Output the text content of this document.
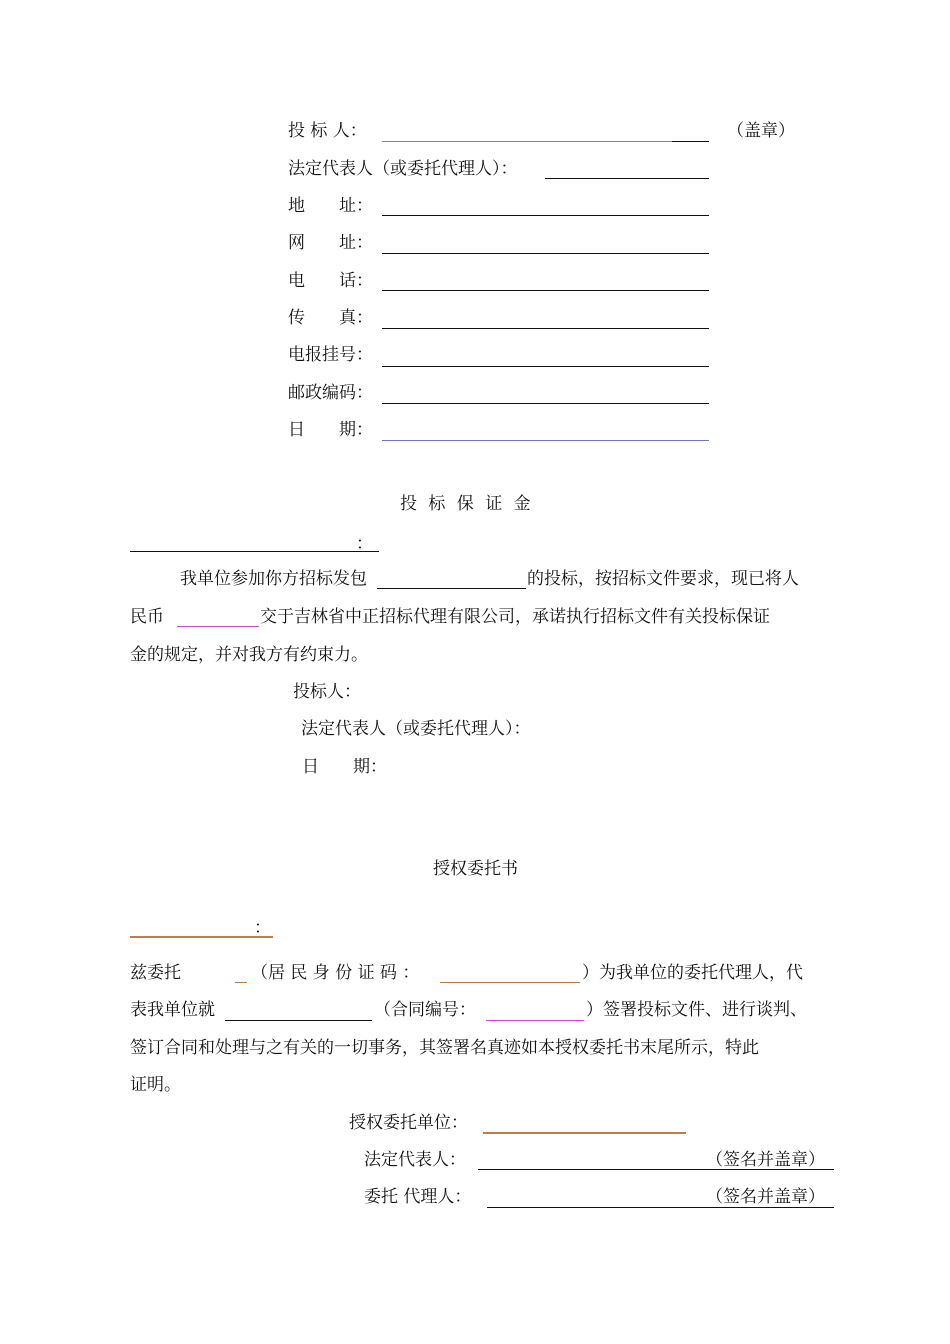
投 标 人：	（盖章）
法定代表人（或委托代理人）：
地　　址：
网　　址：
电　　话：
传　　真：
电报挂号：
邮政编码：
日　　期：
投 标 保 证 金
：
我单位参加你方招标发包	的投标，按招标文件要求，现已将人
民币	交于吉林省中正招标代理有限公司，承诺执行招标文件有关投标保证
金的规定，并对我方有约束力。
投标人：
法定代表人（或委托代理人）：
日　　期：
授权委托书
：
兹委托	（居 民 身 份 证 码 ：	）为我单位的委托代理人，代
表我单位就	（合同编号：	）签署投标文件、进行谈判、
签订合同和处理与之有关的一切事务，其签署名真迹如本授权委托书末尾所示，特此
证明。
授权委托单位：
法定代表人：	（签名并盖章）
委托 代理人：	（签名并盖章）
